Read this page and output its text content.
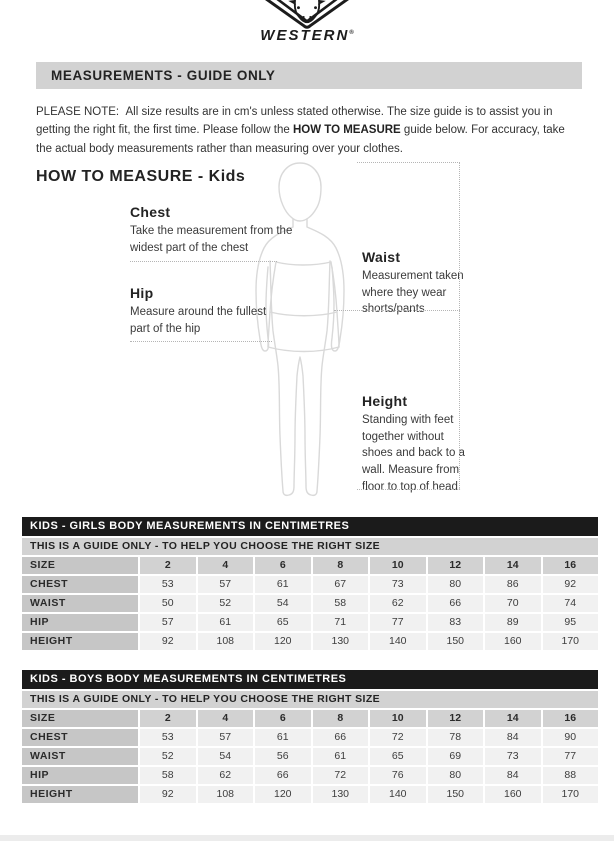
WESTERN®
MEASUREMENTS - GUIDE ONLY

PLEASE NOTE:  All size results are in cm's unless stated otherwise. The size guide is to assist you in getting the right fit, the first time. Please follow the HOW TO MEASURE guide below. For accuracy, take the actual body measurements rather than measuring over your clothes.

HOW TO MEASURE - Kids
Chest

Take the measurement from the widest part of the chest

Hip

Measure around the fullest part of the hip

Waist

Measurement taken where they wear shorts/pants

Height

Standing with feet together without shoes and back to a wall. Measure from floor to top of head.

KIDS - GIRLS BODY MEASUREMENTS IN CENTIMETRES
THIS IS A GUIDE ONLY - TO HELP YOU CHOOSE THE RIGHT SIZE
SIZE	2	4	6	8	10	12	14	16
CHEST	53	57	61	67	73	80	86	92
WAIST	50	52	54	58	62	66	70	74
HIP	57	61	65	71	77	83	89	95
HEIGHT	92	108	120	130	140	150	160	170
KIDS - BOYS BODY MEASUREMENTS IN CENTIMETRES
THIS IS A GUIDE ONLY - TO HELP YOU CHOOSE THE RIGHT SIZE
SIZE	2	4	6	8	10	12	14	16
CHEST	53	57	61	66	72	78	84	90
WAIST	52	54	56	61	65	69	73	77
HIP	58	62	66	72	76	80	84	88
HEIGHT	92	108	120	130	140	150	160	170
